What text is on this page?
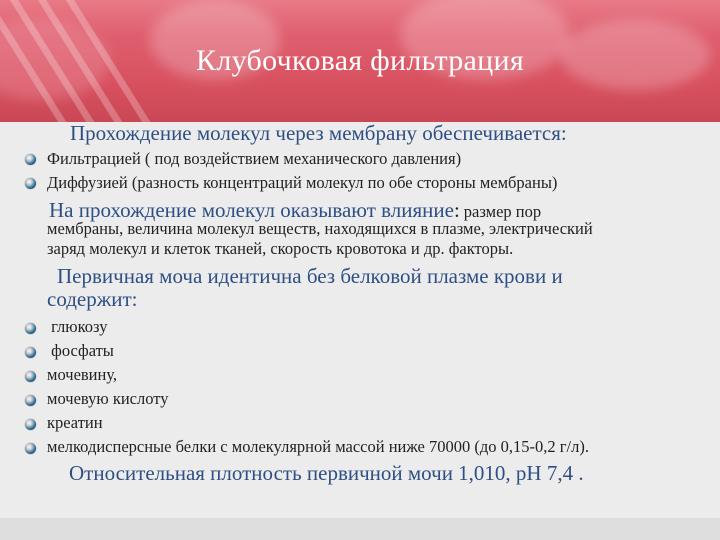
Клубочковая фильтрация
Прохождение молекул через мембрану обеспечивается:
Фильтрацией ( под воздействием механического давления)
Диффузией (разность концентраций молекул по обе стороны мембраны)
На прохождение молекул оказывают влияние: размер пор
мембраны, величина молекул веществ, находящихся в плазме, электрический
заряд молекул и клеток тканей, скорость кровотока и др. факторы.
Первичная моча идентична без белковой плазме крови и
содержит:
глюкозу
фосфаты
мочевину,
мочевую кислоту
креатин
мелкодисперсные белки с молекулярной массой ниже 70000 (до 0,15-0,2 г/л).
Относительная плотность первичной мочи 1,010, рН 7,4 .
